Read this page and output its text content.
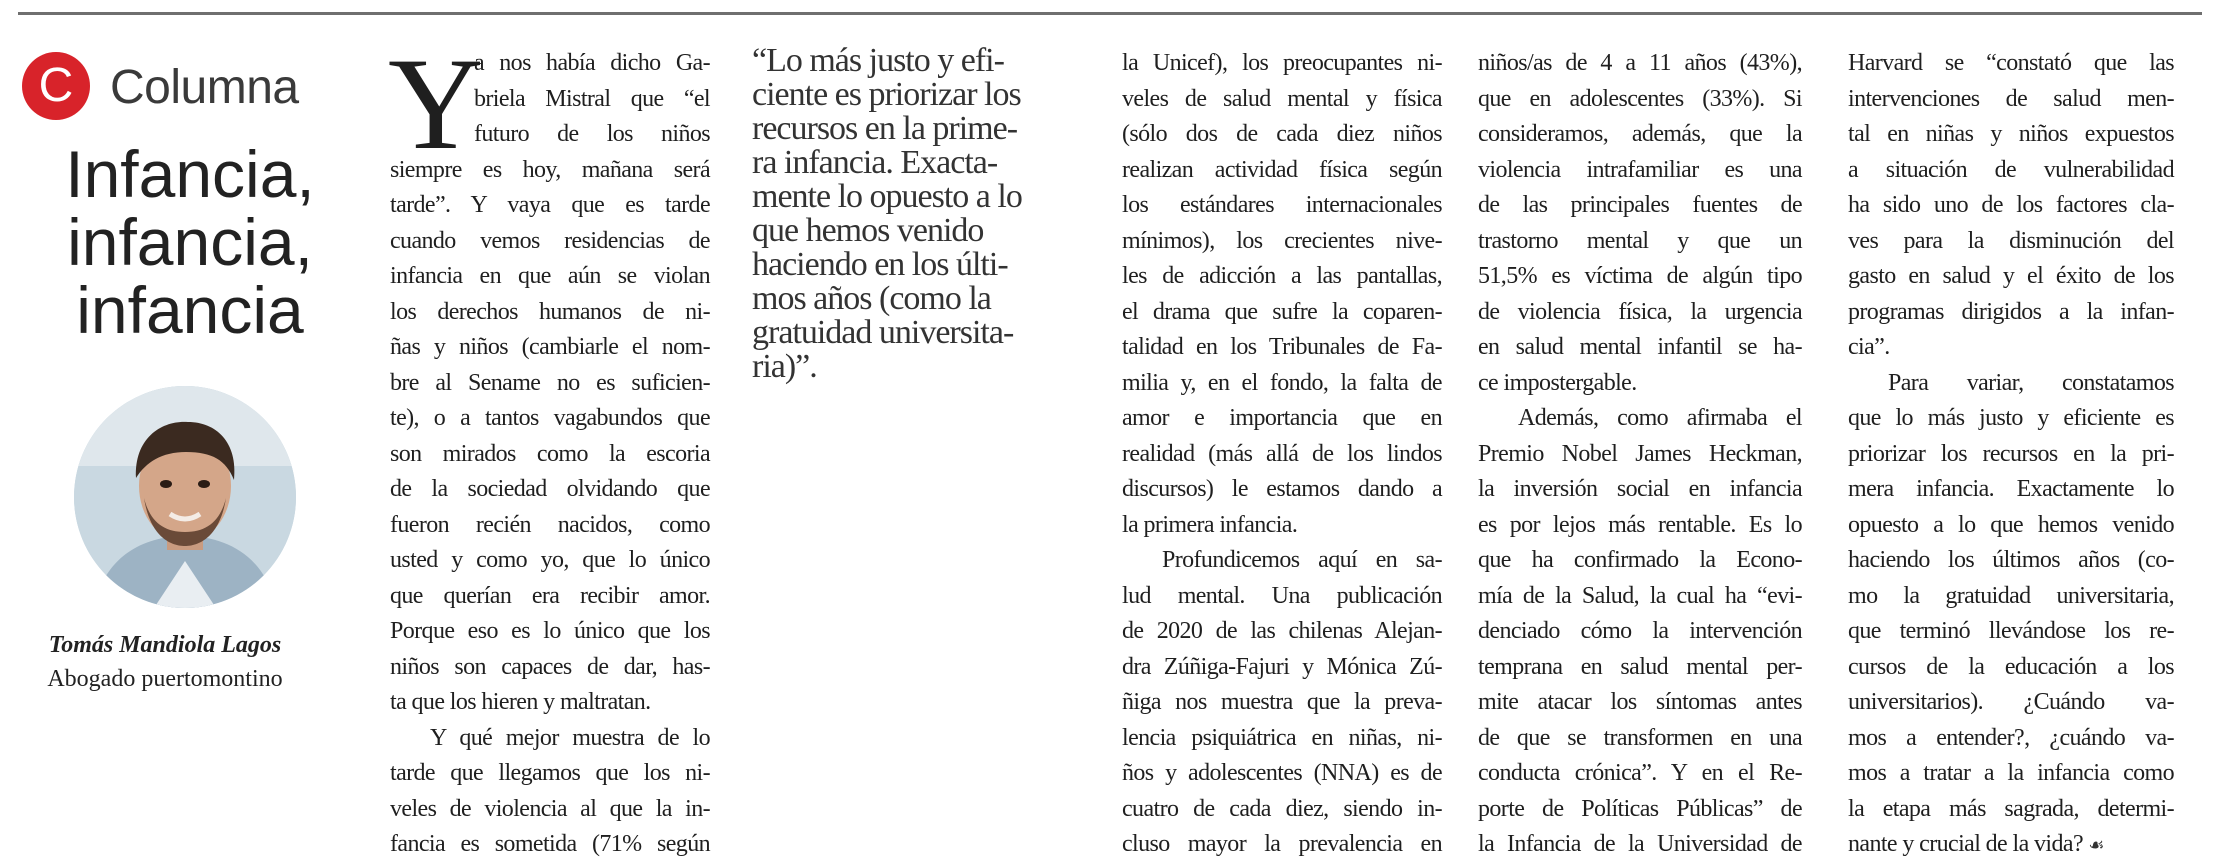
C Columna
Infancia,
infancia,
infancia
Tomás Mandiola Lagos
Abogado puertomontino
Y
a nos había dicho Ga-
briela Mistral que “el
futuro de los niños
siempre es hoy, mañana será
tarde”. Y vaya que es tarde
cuando vemos residencias de
infancia en que aún se violan
los derechos humanos de ni-
ñas y niños (cambiarle el nom-
bre al Sename no es suficien-
te), o a tantos vagabundos que
son mirados como la escoria
de la sociedad olvidando que
fueron recién nacidos, como
usted y como yo, que lo único
que querían era recibir amor.
Porque eso es lo único que los
niños son capaces de dar, has-
ta que los hieren y maltratan.
Y qué mejor muestra de lo
tarde que llegamos que los ni-
veles de violencia al que la in-
fancia es sometida (71% según
“Lo más justo y efi-
ciente es priorizar los
recursos en la prime-
ra infancia. Exacta-
mente lo opuesto a lo
que hemos venido
haciendo en los últi-
mos años (como la
gratuidad universita-
ria)”.
la Unicef), los preocupantes ni-
veles de salud mental y física
(sólo dos de cada diez niños
realizan actividad física según
los estándares internacionales
mínimos), los crecientes nive-
les de adicción a las pantallas,
el drama que sufre la coparen-
talidad en los Tribunales de Fa-
milia y, en el fondo, la falta de
amor e importancia que en
realidad (más allá de los lindos
discursos) le estamos dando a
la primera infancia.
Profundicemos aquí en sa-
lud mental. Una publicación
de 2020 de las chilenas Alejan-
dra Zúñiga-Fajuri y Mónica Zú-
ñiga nos muestra que la preva-
lencia psiquiátrica en niñas, ni-
ños y adolescentes (NNA) es de
cuatro de cada diez, siendo in-
cluso mayor la prevalencia en
niños/as de 4 a 11 años (43%),
que en adolescentes (33%). Si
consideramos, además, que la
violencia intrafamiliar es una
de las principales fuentes de
trastorno mental y que un
51,5% es víctima de algún tipo
de violencia física, la urgencia
en salud mental infantil se ha-
ce impostergable.
Además, como afirmaba el
Premio Nobel James Heckman,
la inversión social en infancia
es por lejos más rentable. Es lo
que ha confirmado la Econo-
mía de la Salud, la cual ha “evi-
denciado cómo la intervención
temprana en salud mental per-
mite atacar los síntomas antes
de que se transformen en una
conducta crónica”. Y en el Re-
porte de Políticas Públicas” de
la Infancia de la Universidad de
Harvard se “constató que las
intervenciones de salud men-
tal en niñas y niños expuestos
a situación de vulnerabilidad
ha sido uno de los factores cla-
ves para la disminución del
gasto en salud y el éxito de los
programas dirigidos a la infan-
cia”.
Para variar, constatamos
que lo más justo y eficiente es
priorizar los recursos en la pri-
mera infancia. Exactamente lo
opuesto a lo que hemos venido
haciendo los últimos años (co-
mo la gratuidad universitaria,
que terminó llevándose los re-
cursos de la educación a los
universitarios). ¿Cuándo va-
mos a entender?, ¿cuándo va-
mos a tratar a la infancia como
la etapa más sagrada, determi-
nante y crucial de la vida? ☙
